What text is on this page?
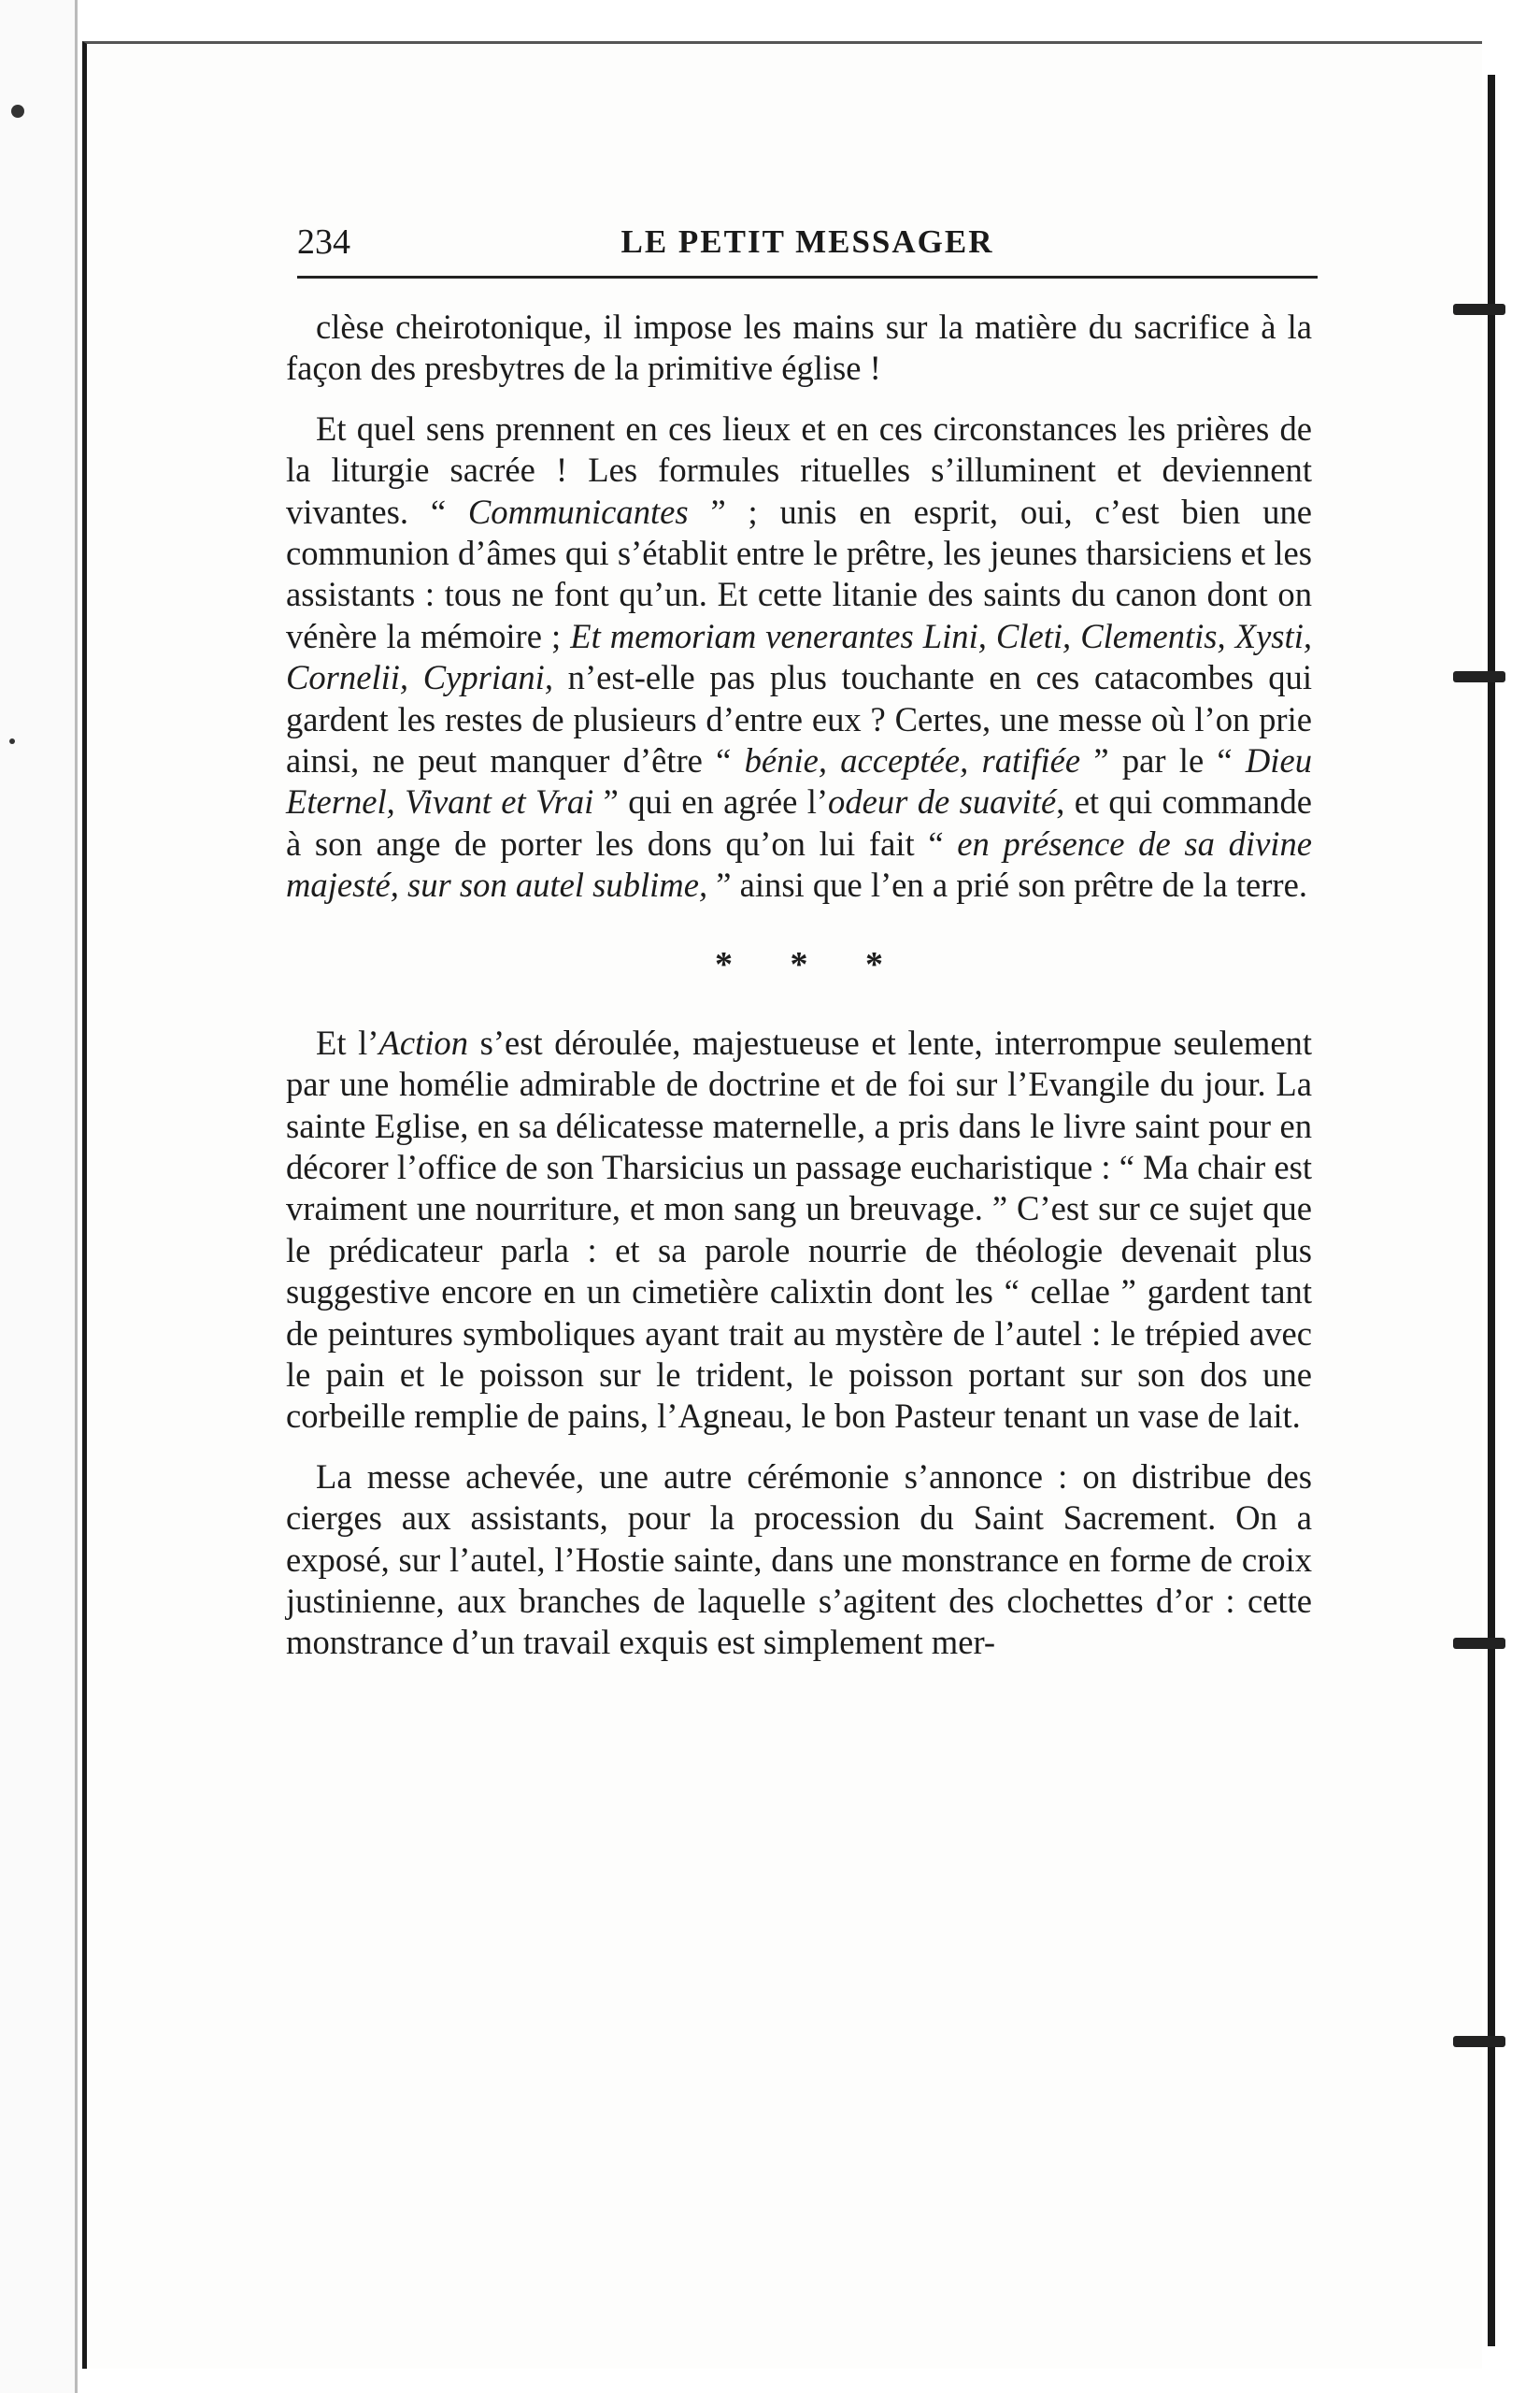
234	LE PETIT MESSAGER

clèse cheirotonique, il impose les mains sur la matière du sacrifice à la façon des presbytres de la primitive église !

Et quel sens prennent en ces lieux et en ces circonstances les prières de la liturgie sacrée ! Les formules rituelles s’illuminent et deviennent vivantes. “ Communicantes ” ; unis en esprit, oui, c’est bien une communion d’âmes qui s’établit entre le prêtre, les jeunes tharsiciens et les assistants : tous ne font qu’un. Et cette litanie des saints du canon dont on vénère la mémoire ; Et memoriam venerantes Lini, Cleti, Clementis, Xysti, Cornelii, Cypriani, n’est-elle pas plus touchante en ces catacombes qui gardent les restes de plusieurs d’entre eux ? Certes, une messe où l’on prie ainsi, ne peut manquer d’être “ bénie, acceptée, ratifiée ” par le “ Dieu Eternel, Vivant et Vrai ” qui en agrée l’odeur de suavité, et qui commande à son ange de porter les dons qu’on lui fait “ en présence de sa divine majesté, sur son autel sublime, ” ainsi que l’en a prié son prêtre de la terre.

* * *

Et l’Action s’est déroulée, majestueuse et lente, interrompue seulement par une homélie admirable de doctrine et de foi sur l’Evangile du jour. La sainte Eglise, en sa délicatesse maternelle, a pris dans le livre saint pour en décorer l’office de son Tharsicius un passage eucharistique : “ Ma chair est vraiment une nourriture, et mon sang un breuvage. ” C’est sur ce sujet que le prédicateur parla : et sa parole nourrie de théologie devenait plus suggestive encore en un cimetière calixtin dont les “ cellae ” gardent tant de peintures symboliques ayant trait au mystère de l’autel : le trépied avec le pain et le poisson sur le trident, le poisson portant sur son dos une corbeille remplie de pains, l’Agneau, le bon Pasteur tenant un vase de lait.

La messe achevée, une autre cérémonie s’annonce : on distribue des cierges aux assistants, pour la procession du Saint Sacrement. On a exposé, sur l’autel, l’Hostie sainte, dans une monstrance en forme de croix justinienne, aux branches de laquelle s’agitent des clochettes d’or : cette monstrance d’un travail exquis est simplement mer-
